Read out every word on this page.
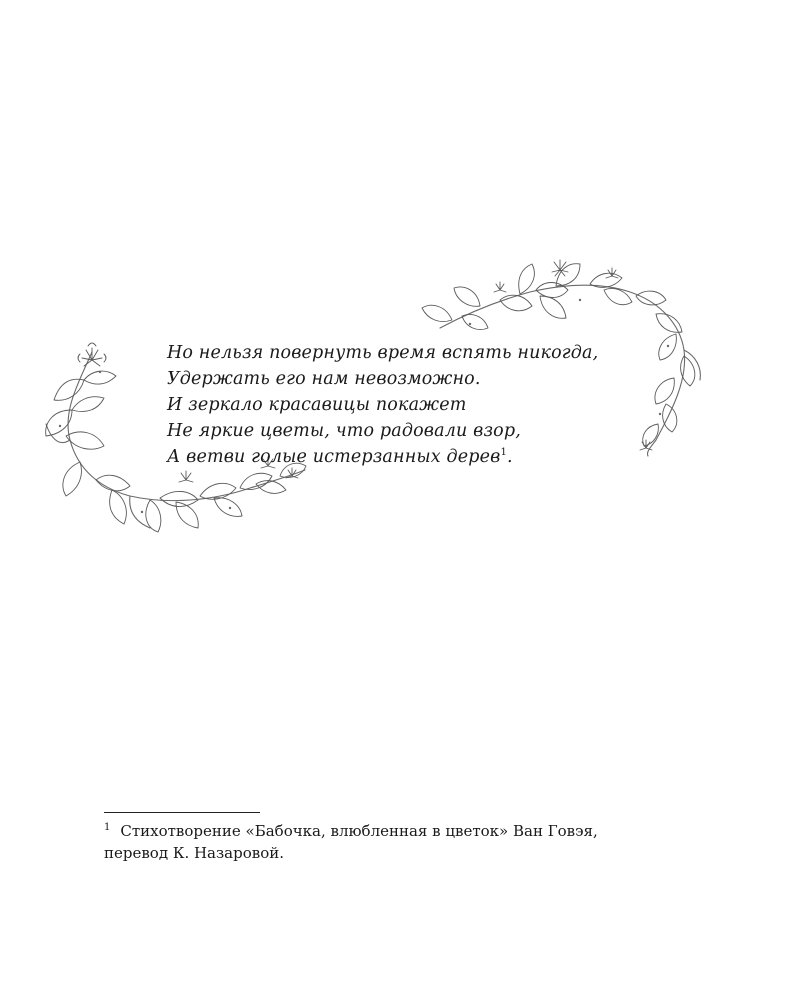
Но нельзя повернуть время вспять никогда,
Удержать его нам невозможно.
И зеркало красавицы покажет
Не яркие цветы, что радовали взор,
А ветви голые истерзанных дерев$^1$.
$^1$ Стихотворение «Бабочка, влюбленная в цветок» Ван Говэя,
перевод К. Назаровой.
